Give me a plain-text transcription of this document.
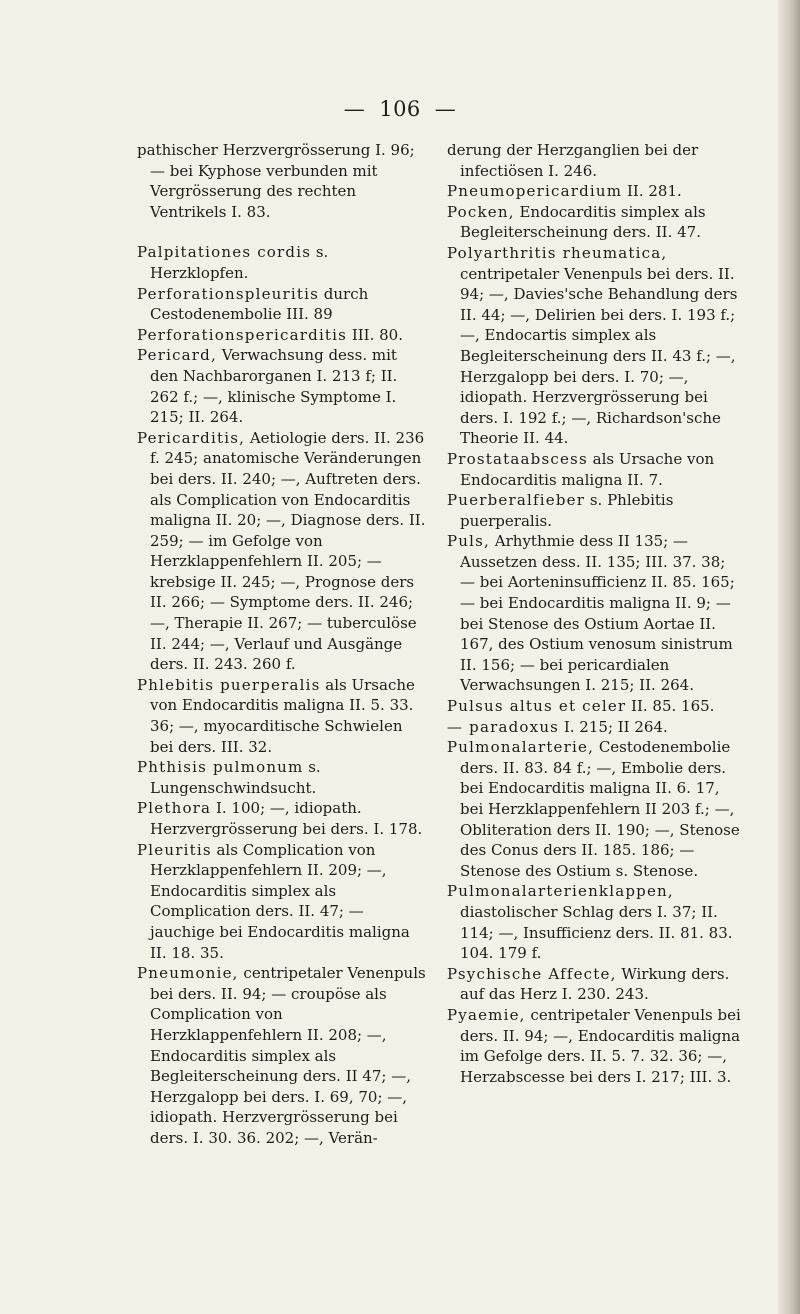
— 106 —

pathischer Herzvergrösserung I. 96; — bei Kyphose verbunden mit Vergrösserung des rechten Ventrikels I. 83.

Palpitationes cordis s. Herzklopfen.

Perforationspleuritis durch Cestodenembolie III. 89

Perforationspericarditis III. 80.

Pericard, Verwachsung dess. mit den Nachbarorganen I. 213 f; II. 262 f.; —, klinische Symptome I. 215; II. 264.

Pericarditis, Aetiologie ders. II. 236 f. 245; anatomische Veränderungen bei ders. II. 240; —, Auftreten ders. als Complication von Endocarditis maligna II. 20; —, Diagnose ders. II. 259; — im Gefolge von Herzklappenfehlern II. 205; — krebsige II. 245; —, Prognose ders II. 266; — Symptome ders. II. 246; —, Therapie II. 267; — tuberculöse II. 244; —, Verlauf und Ausgänge ders. II. 243. 260 f.

Phlebitis puerperalis als Ursache von Endocarditis maligna II. 5. 33. 36; —, myocarditische Schwielen bei ders. III. 32.

Phthisis pulmonum s. Lungenschwindsucht.

Plethora I. 100; —, idiopath. Herzvergrösserung bei ders. I. 178.

Pleuritis als Complication von Herzklappenfehlern II. 209; —, Endocarditis simplex als Complication ders. II. 47; — jauchige bei Endocarditis maligna II. 18. 35.

Pneumonie, centripetaler Venenpuls bei ders. II. 94; — croupöse als Complication von Herzklappenfehlern II. 208; —, Endocarditis simplex als Begleiterscheinung ders. II 47; —, Herzgalopp bei ders. I. 69, 70; —, idiopath. Herzvergrösserung bei ders. I. 30. 36. 202; —, Verän-

derung der Herzganglien bei der infectiösen I. 246.

Pneumopericardium II. 281.

Pocken, Endocarditis simplex als Begleiterscheinung ders. II. 47.

Polyarthritis rheumatica, centripetaler Venenpuls bei ders. II. 94; —, Davies'sche Behandlung ders II. 44; —, Delirien bei ders. I. 193 f.; —, Endocartis simplex als Begleiterscheinung ders II. 43 f.; —, Herzgalopp bei ders. I. 70; —, idiopath. Herzvergrösserung bei ders. I. 192 f.; —, Richardson'sche Theorie II. 44.

Prostataabscess als Ursache von Endocarditis maligna II. 7.

Puerberalfieber s. Phlebitis puerperalis.

Puls, Arhythmie dess II 135; — Aussetzen dess. II. 135; III. 37. 38; — bei Aorteninsufficienz II. 85. 165; — bei Endocarditis maligna II. 9; — bei Stenose des Ostium Aortae II. 167, des Ostium venosum sinistrum II. 156; — bei pericardialen Verwachsungen I. 215; II. 264.

Pulsus altus et celer II. 85. 165.

— paradoxus I. 215; II 264.

Pulmonalarterie, Cestodenembolie ders. II. 83. 84 f.; —, Embolie ders. bei Endocarditis maligna II. 6. 17, bei Herzklappenfehlern II 203 f.; —, Obliteration ders II. 190; —, Stenose des Conus ders II. 185. 186; — Stenose des Ostium s. Stenose.

Pulmonalarterienklappen, diastolischer Schlag ders I. 37; II. 114; —, Insufficienz ders. II. 81. 83. 104. 179 f.

Psychische Affecte, Wirkung ders. auf das Herz I. 230. 243.

Pyaemie, centripetaler Venenpuls bei ders. II. 94; —, Endocarditis maligna im Gefolge ders. II. 5. 7. 32. 36; —, Herzabscesse bei ders I. 217; III. 3.
